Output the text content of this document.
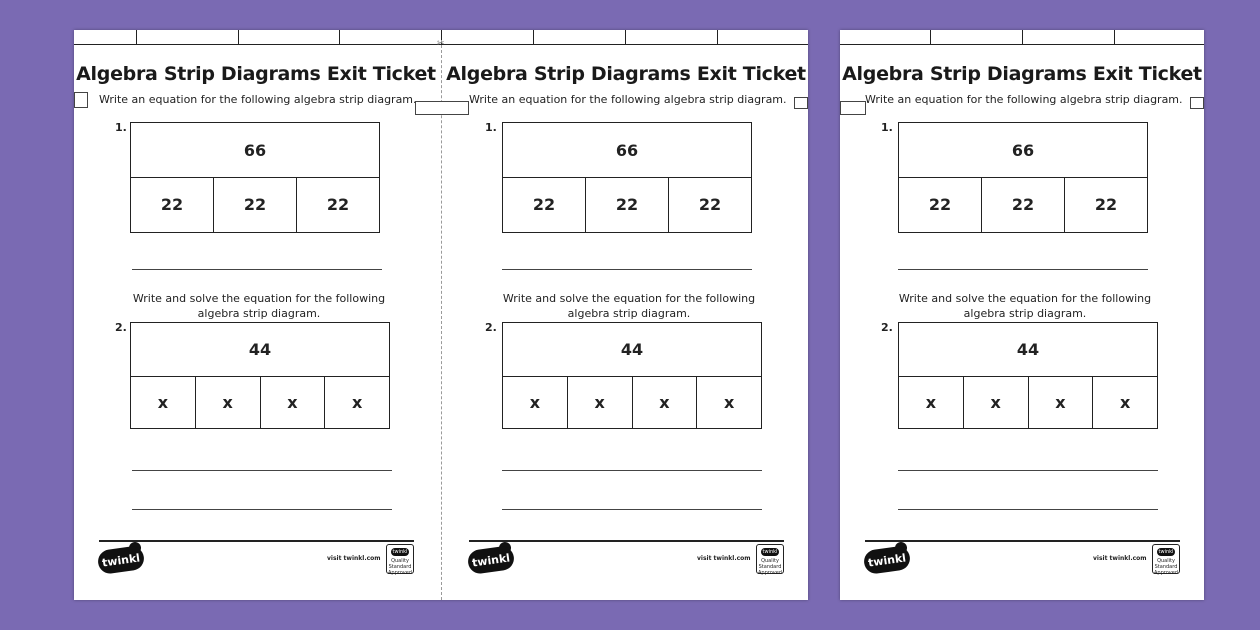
✂
Algebra Strip Diagrams Exit Ticket
Write an equation for the following algebra strip diagram.
1.
66
22	22	22
Write and solve the equation for the following algebra strip diagram.
2.
44
x	x	x	x
twinkl	visit twinkl.com
twinkl
Quality Standard Approved
Algebra Strip Diagrams Exit Ticket
Write an equation for the following algebra strip diagram.
1.
66
22	22	22
Write and solve the equation for the following algebra strip diagram.
2.
44
x	x	x	x
twinkl	visit twinkl.com
twinkl
Quality Standard Approved
Algebra Strip Diagrams Exit Ticket
Write an equation for the following algebra strip diagram.
1.
66
22	22	22
Write and solve the equation for the following algebra strip diagram.
2.
44
x	x	x	x
twinkl	visit twinkl.com
twinkl
Quality Standard Approved
